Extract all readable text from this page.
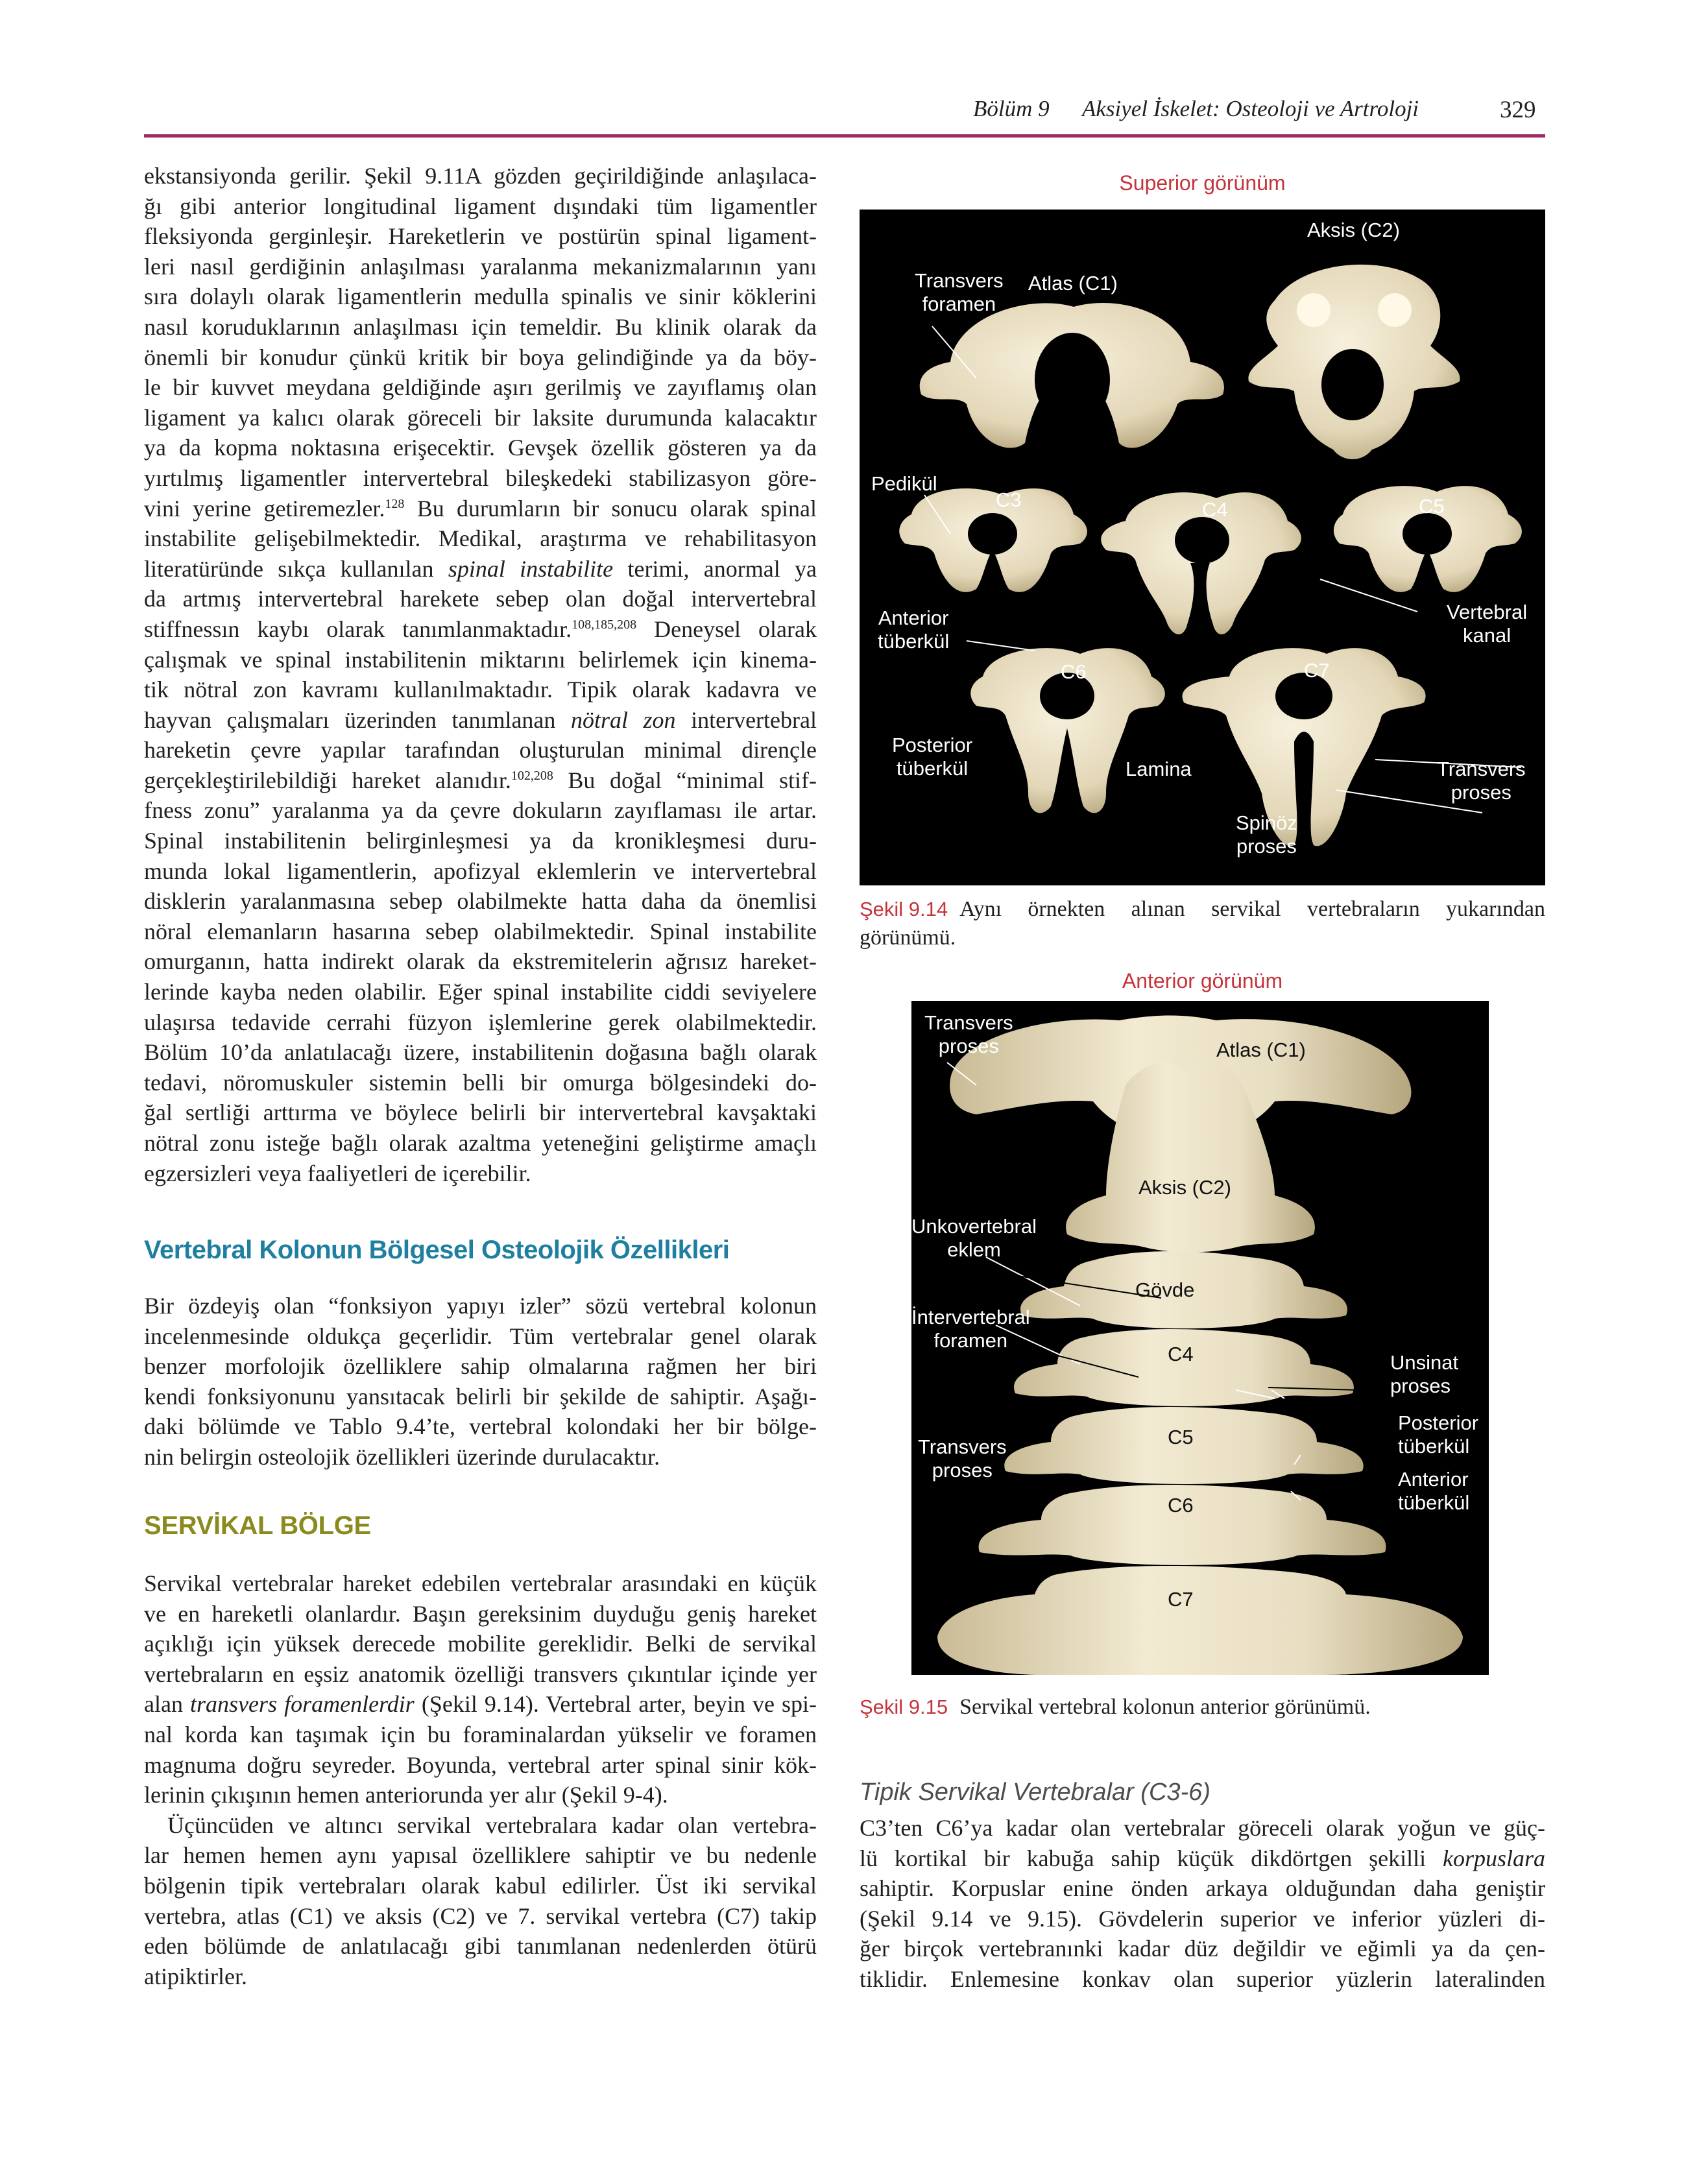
Bölüm 9 Aksiyel İskelet: Osteoloji ve Artroloji	329
ekstansiyonda gerilir. Şekil 9.11A gözden geçirildiğinde anlaşılaca-
ğı gibi anterior longitudinal ligament dışındaki tüm ligamentler
fleksiyonda gerginleşir. Hareketlerin ve postürün spinal ligament-
leri nasıl gerdiğinin anlaşılması yaralanma mekanizmalarının yanı
sıra dolaylı olarak ligamentlerin medulla spinalis ve sinir köklerini
nasıl koruduklarının anlaşılması için temeldir. Bu klinik olarak da
önemli bir konudur çünkü kritik bir boya gelindiğinde ya da böy-
le bir kuvvet meydana geldiğinde aşırı gerilmiş ve zayıflamış olan
ligament ya kalıcı olarak göreceli bir laksite durumunda kalacaktır
ya da kopma noktasına erişecektir. Gevşek özellik gösteren ya da
yırtılmış ligamentler intervertebral bileşkedeki stabilizasyon göre-
vini yerine getiremezler.$^{128}$ Bu durumların bir sonucu olarak spinal
instabilite gelişebilmektedir. Medikal, araştırma ve rehabilitasyon
literatüründe sıkça kullanılan spinal instabilite terimi, anormal ya
da artmış intervertebral harekete sebep olan doğal intervertebral
stiffnessın kaybı olarak tanımlanmaktadır.$^{108,185,208}$ Deneysel olarak
çalışmak ve spinal instabilitenin miktarını belirlemek için kinema-
tik nötral zon kavramı kullanılmaktadır. Tipik olarak kadavra ve
hayvan çalışmaları üzerinden tanımlanan nötral zon intervertebral
hareketin çevre yapılar tarafından oluşturulan minimal dirençle
gerçekleştirilebildiği hareket alanıdır.$^{102,208}$ Bu doğal “minimal stif-
fness zonu” yaralanma ya da çevre dokuların zayıflaması ile artar.
Spinal instabilitenin belirginleşmesi ya da kronikleşmesi duru-
munda lokal ligamentlerin, apofizyal eklemlerin ve intervertebral
disklerin yaralanmasına sebep olabilmekte hatta daha da önemlisi
nöral elemanların hasarına sebep olabilmektedir. Spinal instabilite
omurganın, hatta indirekt olarak da ekstremitelerin ağrısız hareket-
lerinde kayba neden olabilir. Eğer spinal instabilite ciddi seviyelere
ulaşırsa tedavide cerrahi füzyon işlemlerine gerek olabilmektedir.
Bölüm 10’da anlatılacağı üzere, instabilitenin doğasına bağlı olarak
tedavi, nöromuskuler sistemin belli bir omurga bölgesindeki do-
ğal sertliği arttırma ve böylece belirli bir intervertebral kavşaktaki
nötral zonu isteğe bağlı olarak azaltma yeteneğini geliştirme amaçlı
egzersizleri veya faaliyetleri de içerebilir.
Vertebral Kolonun Bölgesel Osteolojik Özellikleri
Bir özdeyiş olan “fonksiyon yapıyı izler” sözü vertebral kolonun
incelenmesinde oldukça geçerlidir. Tüm vertebralar genel olarak
benzer morfolojik özelliklere sahip olmalarına rağmen her biri
kendi fonksiyonunu yansıtacak belirli bir şekilde de sahiptir. Aşağı-
daki bölümde ve Tablo 9.4’te, vertebral kolondaki her bir bölge-
nin belirgin osteolojik özellikleri üzerinde durulacaktır.
SERVİKAL BÖLGE
Servikal vertebralar hareket edebilen vertebralar arasındaki en küçük
ve en hareketli olanlardır. Başın gereksinim duyduğu geniş hareket
açıklığı için yüksek derecede mobilite gereklidir. Belki de servikal
vertebraların en eşsiz anatomik özelliği transvers çıkıntılar içinde yer
alan transvers foramenlerdir (Şekil 9.14). Vertebral arter, beyin ve spi-
nal korda kan taşımak için bu foraminalardan yükselir ve foramen
magnuma doğru seyreder. Boyunda, vertebral arter spinal sinir kök-
lerinin çıkışının hemen anteriorunda yer alır (Şekil 9-4).
Üçüncüden ve altıncı servikal vertebralara kadar olan vertebra-
lar hemen hemen aynı yapısal özelliklere sahiptir ve bu nedenle
bölgenin tipik vertebraları olarak kabul edilirler. Üst iki servikal
vertebra, atlas (C1) ve aksis (C2) ve 7. servikal vertebra (C7) takip
eden bölümde de anlatılacağı gibi tanımlanan nedenlerden ötürü
atipiktirler.
Superior görünüm
Aksis (C2)
Transvers
foramen
Atlas (C1)
Pedikül
C3	C4	C5
Anterior
tüberkül
Vertebral
kanal
C6	C7
Posterior
tüberkül	Lamina	Transvers
proses
Spinöz
proses
Şekil 9.14 Aynı örnekten alınan servikal vertebraların yukarından
görünümü.
Anterior görünüm
Transvers
proses	Atlas (C1)
Aksis (C2)
Unkovertebral
eklem
Gövde
İntervertebral
foramen
C4	Unsinat
proses
Posterior
tüberkül
C5
Transvers
proses	Anterior
tüberkül
C6
C7
Şekil 9.15 Servikal vertebral kolonun anterior görünümü.
Tipik Servikal Vertebralar (C3-6)
C3’ten C6’ya kadar olan vertebralar göreceli olarak yoğun ve güç-
lü kortikal bir kabuğa sahip küçük dikdörtgen şekilli korpuslara
sahiptir. Korpuslar enine önden arkaya olduğundan daha geniştir
(Şekil 9.14 ve 9.15). Gövdelerin superior ve inferior yüzleri di-
ğer birçok vertebranınki kadar düz değildir ve eğimli ya da çen-
tiklidir. Enlemesine konkav olan superior yüzlerin lateralinden
